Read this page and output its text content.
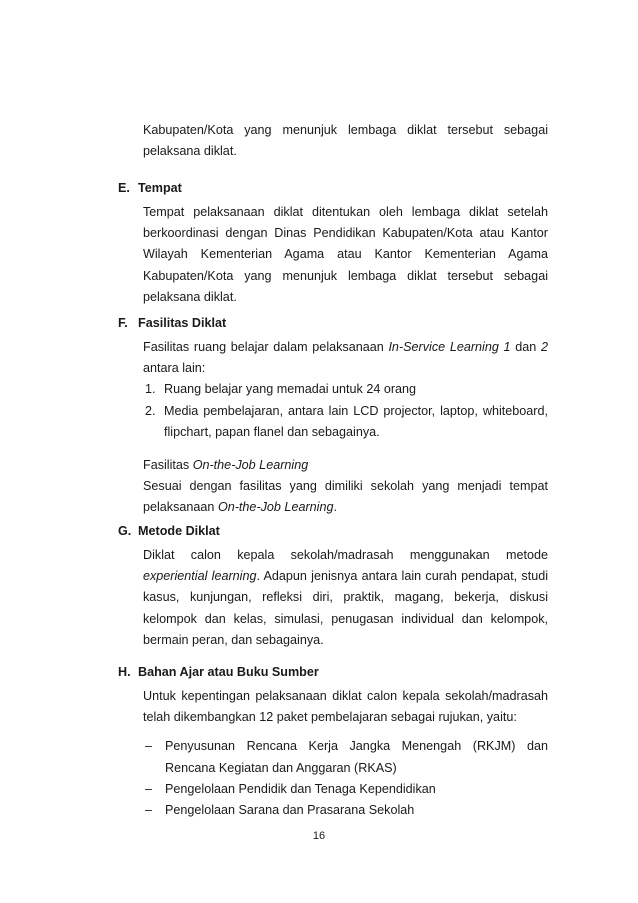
Kabupaten/Kota yang menunjuk lembaga diklat tersebut sebagai pelaksana diklat.
E. Tempat
Tempat pelaksanaan diklat ditentukan oleh lembaga diklat setelah berkoordinasi dengan Dinas Pendidikan Kabupaten/Kota atau Kantor Wilayah Kementerian Agama atau Kantor Kementerian Agama Kabupaten/Kota yang menunjuk lembaga diklat tersebut sebagai pelaksana diklat.
F. Fasilitas Diklat
Fasilitas ruang belajar dalam pelaksanaan In-Service Learning 1 dan 2 antara lain:
1. Ruang belajar yang memadai untuk 24 orang
2. Media pembelajaran, antara lain LCD projector, laptop, whiteboard, flipchart, papan flanel dan sebagainya.
Fasilitas On-the-Job Learning
Sesuai dengan fasilitas yang dimiliki sekolah yang menjadi tempat pelaksanaan On-the-Job Learning.
G. Metode Diklat
Diklat calon kepala sekolah/madrasah menggunakan metode experiential learning. Adapun jenisnya antara lain curah pendapat, studi kasus, kunjungan, refleksi diri, praktik, magang, bekerja, diskusi kelompok dan kelas, simulasi, penugasan individual dan kelompok, bermain peran, dan sebagainya.
H. Bahan Ajar atau Buku Sumber
Untuk kepentingan pelaksanaan diklat calon kepala sekolah/madrasah telah dikembangkan 12 paket pembelajaran sebagai rujukan, yaitu:
– Penyusunan Rencana Kerja Jangka Menengah (RKJM) dan Rencana Kegiatan dan Anggaran (RKAS)
– Pengelolaan Pendidik dan Tenaga Kependidikan
– Pengelolaan Sarana dan Prasarana Sekolah
16
